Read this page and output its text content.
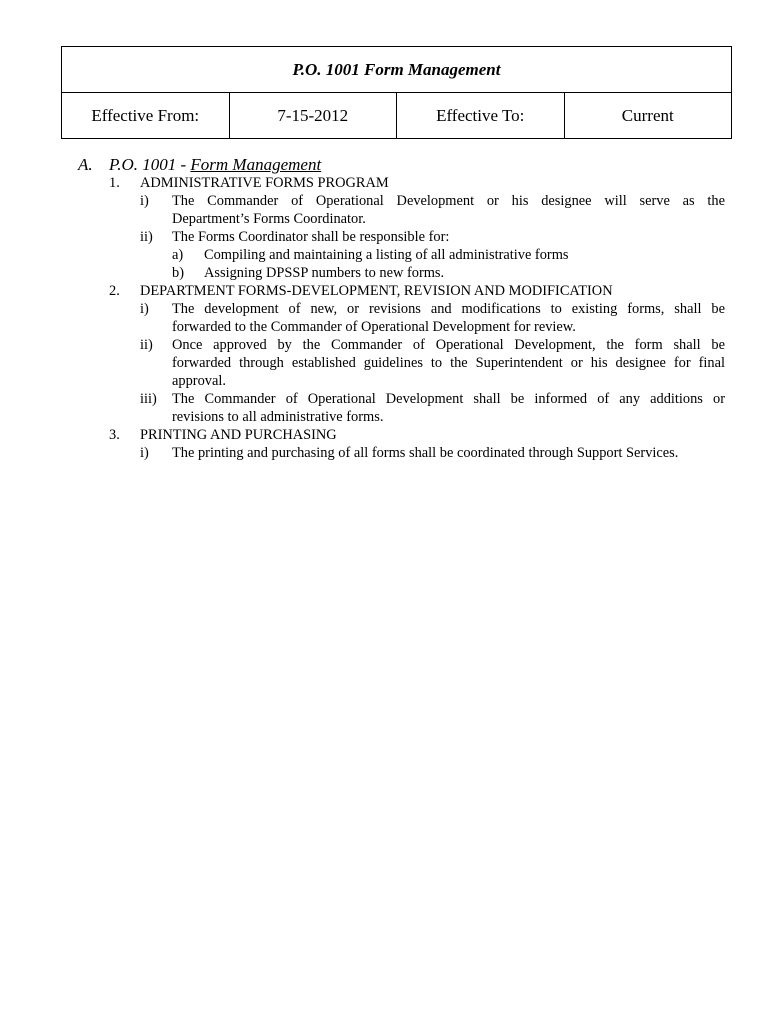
P.O. 1001 Form Management
Effective From:	7-15-2012	Effective To:	Current
A. P.O. 1001 - Form Management
1. ADMINISTRATIVE FORMS PROGRAM
i) The Commander of Operational Development or his designee will serve as the
Department’s Forms Coordinator.
ii) The Forms Coordinator shall be responsible for:
a) Compiling and maintaining a listing of all administrative forms
b) Assigning DPSSP numbers to new forms.
2. DEPARTMENT FORMS-DEVELOPMENT, REVISION AND MODIFICATION
i) The development of new, or revisions and modifications to existing forms, shall be
forwarded to the Commander of Operational Development for review.
ii) Once approved by the Commander of Operational Development, the form shall be
forwarded through established guidelines to the Superintendent or his designee for final
approval.
iii) The Commander of Operational Development shall be informed of any additions or
revisions to all administrative forms.
3. PRINTING AND PURCHASING
i) The printing and purchasing of all forms shall be coordinated through Support Services.
